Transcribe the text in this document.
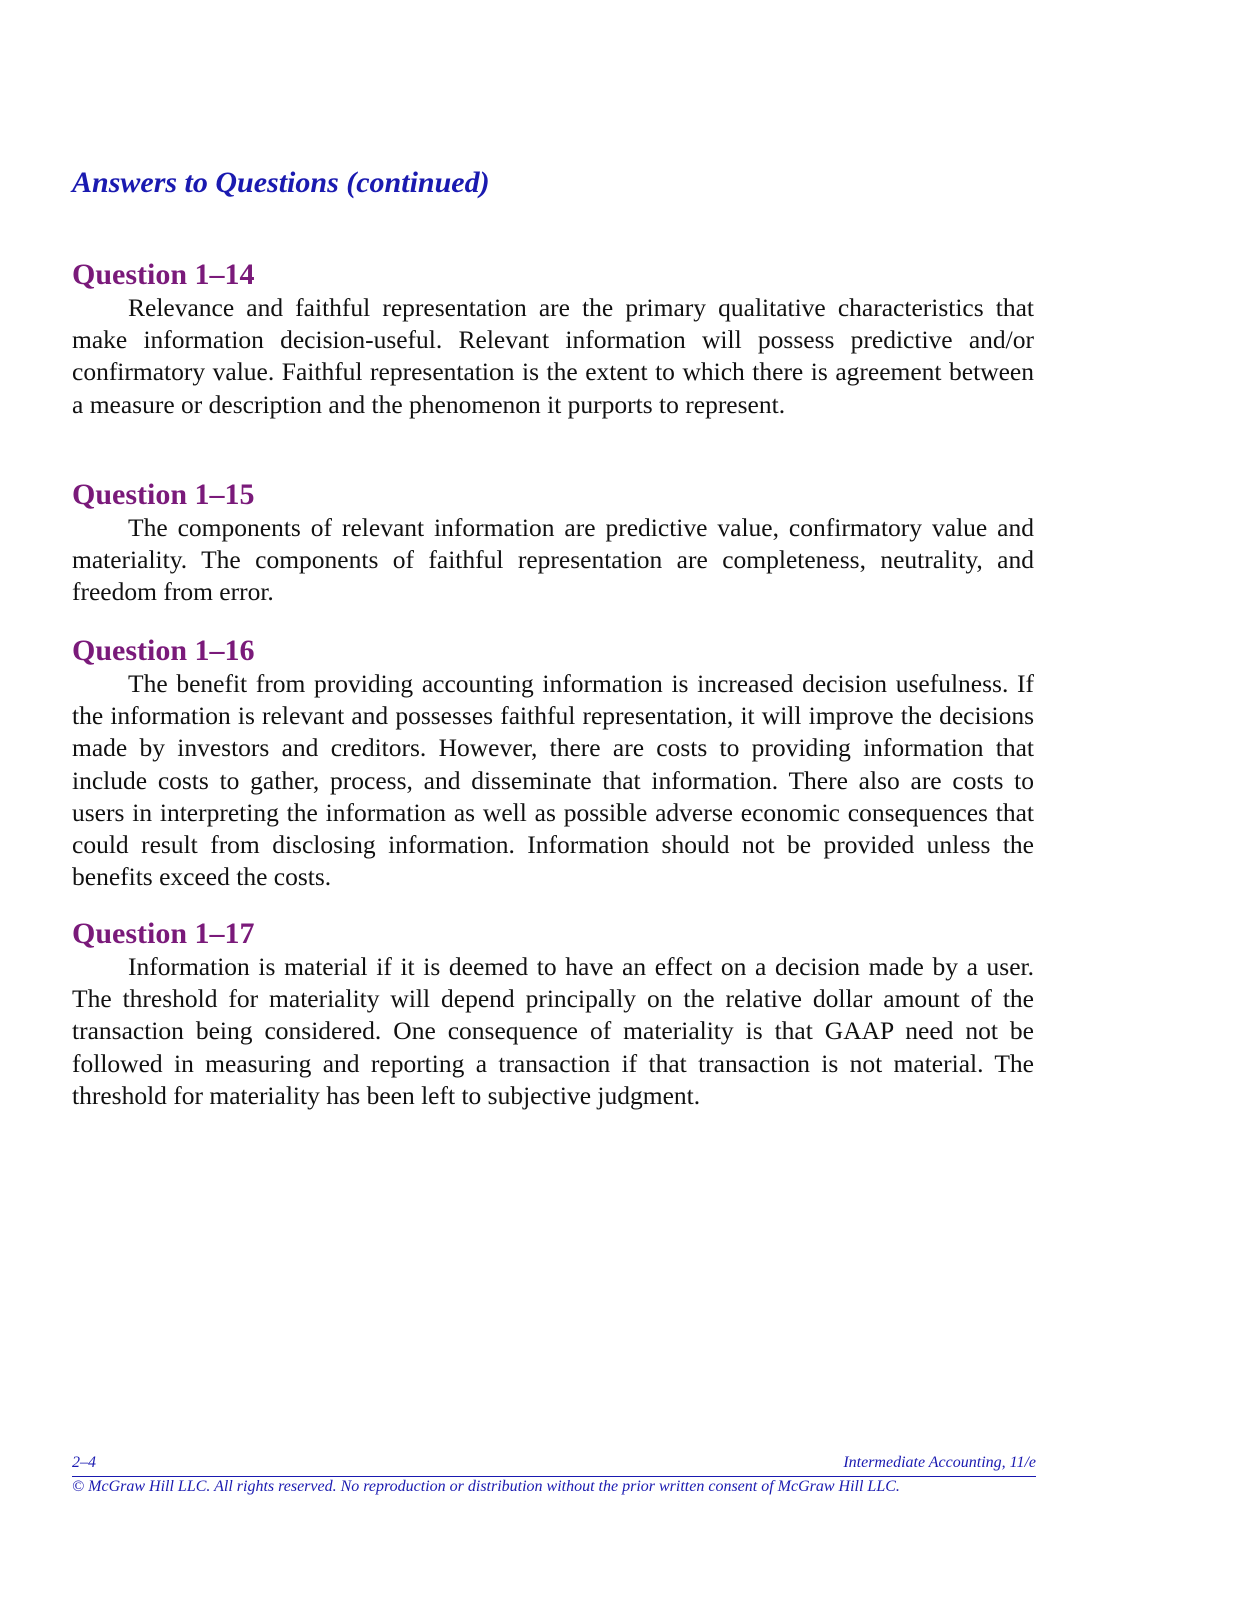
Answers to Questions (continued)
Question 1–14

Relevance and faithful representation are the primary qualitative characteristics that make information decision-useful. Relevant information will possess predictive and/or confirmatory value. Faithful representation is the extent to which there is agreement between a measure or description and the phenomenon it purports to represent.

Question 1–15

The components of relevant information are predictive value, confirmatory value and materiality. The components of faithful representation are completeness, neutrality, and freedom from error.

Question 1–16

The benefit from providing accounting information is increased decision usefulness. If the information is relevant and possesses faithful representation, it will improve the decisions made by investors and creditors. However, there are costs to providing information that include costs to gather, process, and disseminate that information. There also are costs to users in interpreting the information as well as possible adverse economic consequences that could result from disclosing information. Information should not be provided unless the benefits exceed the costs.

Question 1–17

Information is material if it is deemed to have an effect on a decision made by a user. The threshold for materiality will depend principally on the relative dollar amount of the transaction being considered. One consequence of materiality is that GAAP need not be followed in measuring and reporting a transaction if that transaction is not material. The threshold for materiality has been left to subjective judgment.

2–4	Intermediate Accounting, 11/e
© McGraw Hill LLC. All rights reserved. No reproduction or distribution without the prior written consent of McGraw Hill LLC.
